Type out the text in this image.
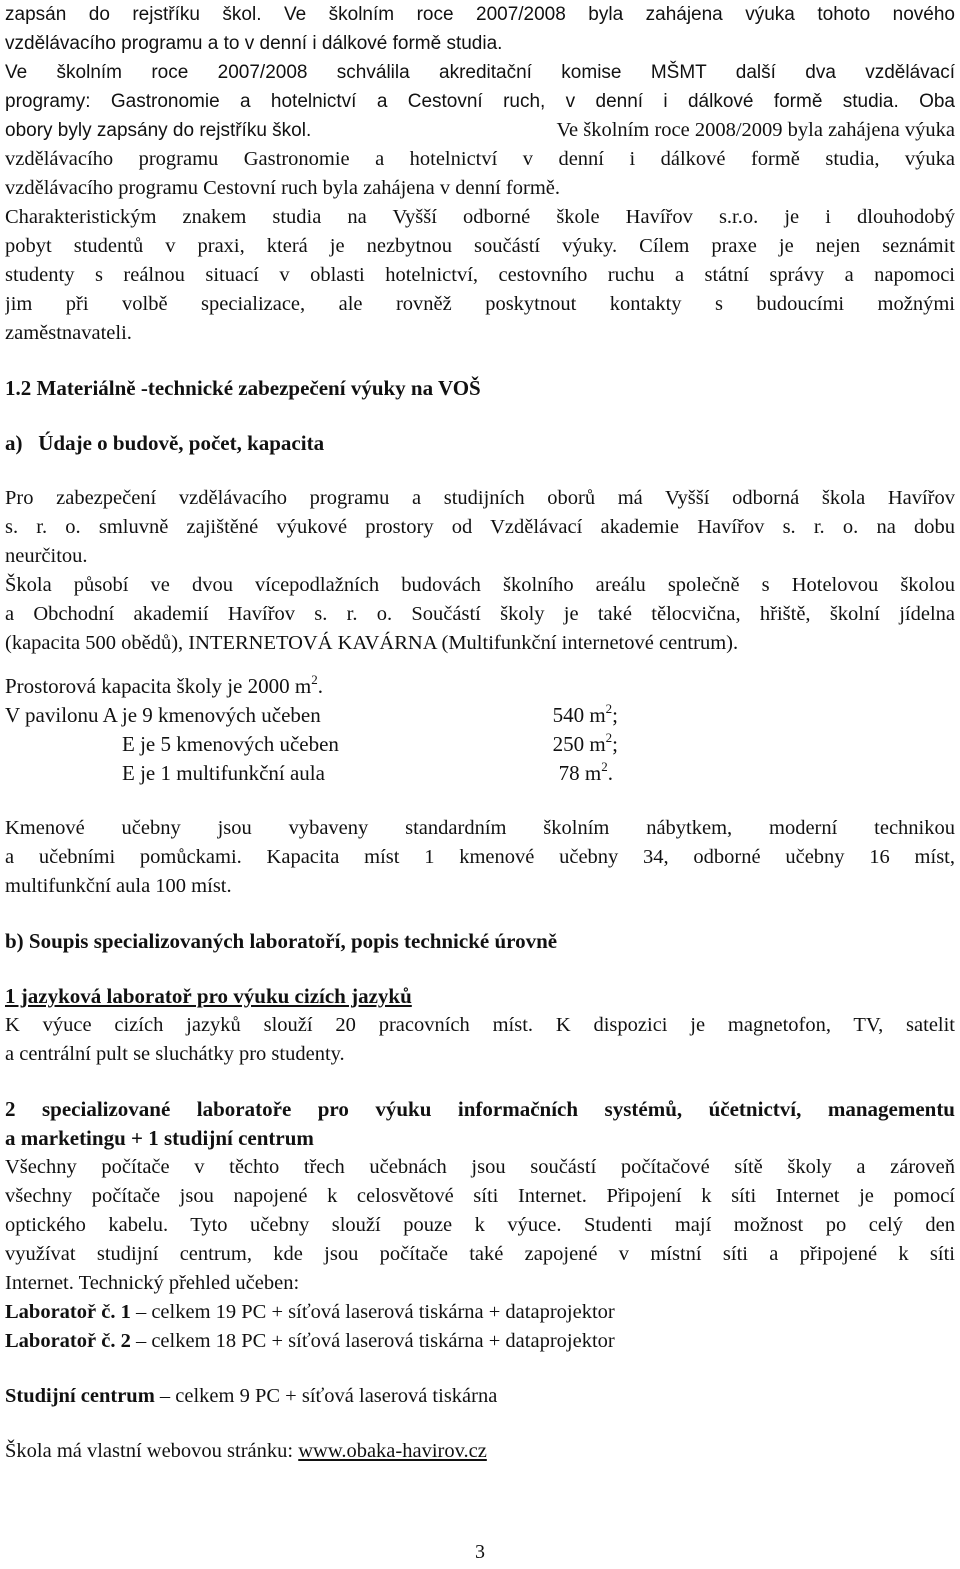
zapsán do rejstříku škol. Ve školním roce 2007/2008 byla zahájena výuka tohoto nového
vzdělávacího programu a to v denní i dálkové formě studia.
Ve školním roce 2007/2008 schválila akreditační komise MŠMT další dva vzdělávací
programy: Gastronomie a hotelnictví a Cestovní ruch, v denní i dálkové formě studia. Oba
obory byly zapsány do rejstříku škol.	Ve školním roce 2008/2009 byla zahájena výuka
vzdělávacího programu Gastronomie a hotelnictví v denní i dálkové formě studia, výuka
vzdělávacího programu Cestovní ruch byla zahájena v denní formě.
Charakteristickým znakem studia na Vyšší odborné škole Havířov s.r.o. je i dlouhodobý
pobyt studentů v praxi, která je nezbytnou součástí výuky. Cílem praxe je nejen seznámit
studenty s reálnou situací v oblasti hotelnictví, cestovního ruchu a státní správy a napomoci
jim při volbě specializace, ale rovněž poskytnout kontakty s budoucími možnými
zaměstnavateli.
1.2 Materiálně -technické zabezpečení výuky na VOŠ
a)   Údaje o budově, počet, kapacita
Pro zabezpečení vzdělávacího programu a studijních oborů má Vyšší odborná škola Havířov
s. r. o. smluvně zajištěné výukové prostory od Vzdělávací akademie Havířov s. r. o. na dobu
neurčitou.
Škola působí ve dvou vícepodlažních budovách školního areálu společně s Hotelovou školou
a Obchodní akademií Havířov s. r. o. Součástí školy je také tělocvična, hřiště, školní jídelna
(kapacita 500 obědů), INTERNETOVÁ KAVÁRNA (Multifunkční internetové centrum).
Prostorová kapacita školy je 2000 $m^2$.
V pavilonu A je 9 kmenových učeben	540 $m^2$;
E je 5 kmenových učeben	250 $m^2$;
E je 1 multifunkční aula	78 $m^2$.
Kmenové učebny jsou vybaveny standardním školním nábytkem, moderní technikou
a učebními pomůckami. Kapacita míst 1 kmenové učebny 34, odborné učebny 16 míst,
multifunkční aula 100 míst.
b) Soupis specializovaných laboratoří, popis technické úrovně
1 jazyková laboratoř pro výuku cizích jazyků
K výuce cizích jazyků slouží 20 pracovních míst. K dispozici je magnetofon, TV, satelit
a centrální pult se sluchátky pro studenty.
2 specializované laboratoře pro výuku informačních systémů, účetnictví, managementu
a marketingu + 1 studijní centrum
Všechny počítače v těchto třech učebnách jsou součástí počítačové sítě školy a zároveň
všechny počítače jsou napojené k celosvětové síti Internet. Připojení k síti Internet je pomocí
optického kabelu. Tyto učebny slouží pouze k výuce. Studenti mají možnost po celý den
využívat studijní centrum, kde jsou počítače také zapojené v místní síti a připojené k síti
Internet. Technický přehled učeben:
Laboratoř č. 1 – celkem 19 PC + síťová laserová tiskárna + dataprojektor
Laboratoř č. 2 – celkem 18 PC + síťová laserová tiskárna + dataprojektor
Studijní centrum – celkem 9 PC + síťová laserová tiskárna
Škola má vlastní webovou stránku: www.obaka-havirov.cz
3
